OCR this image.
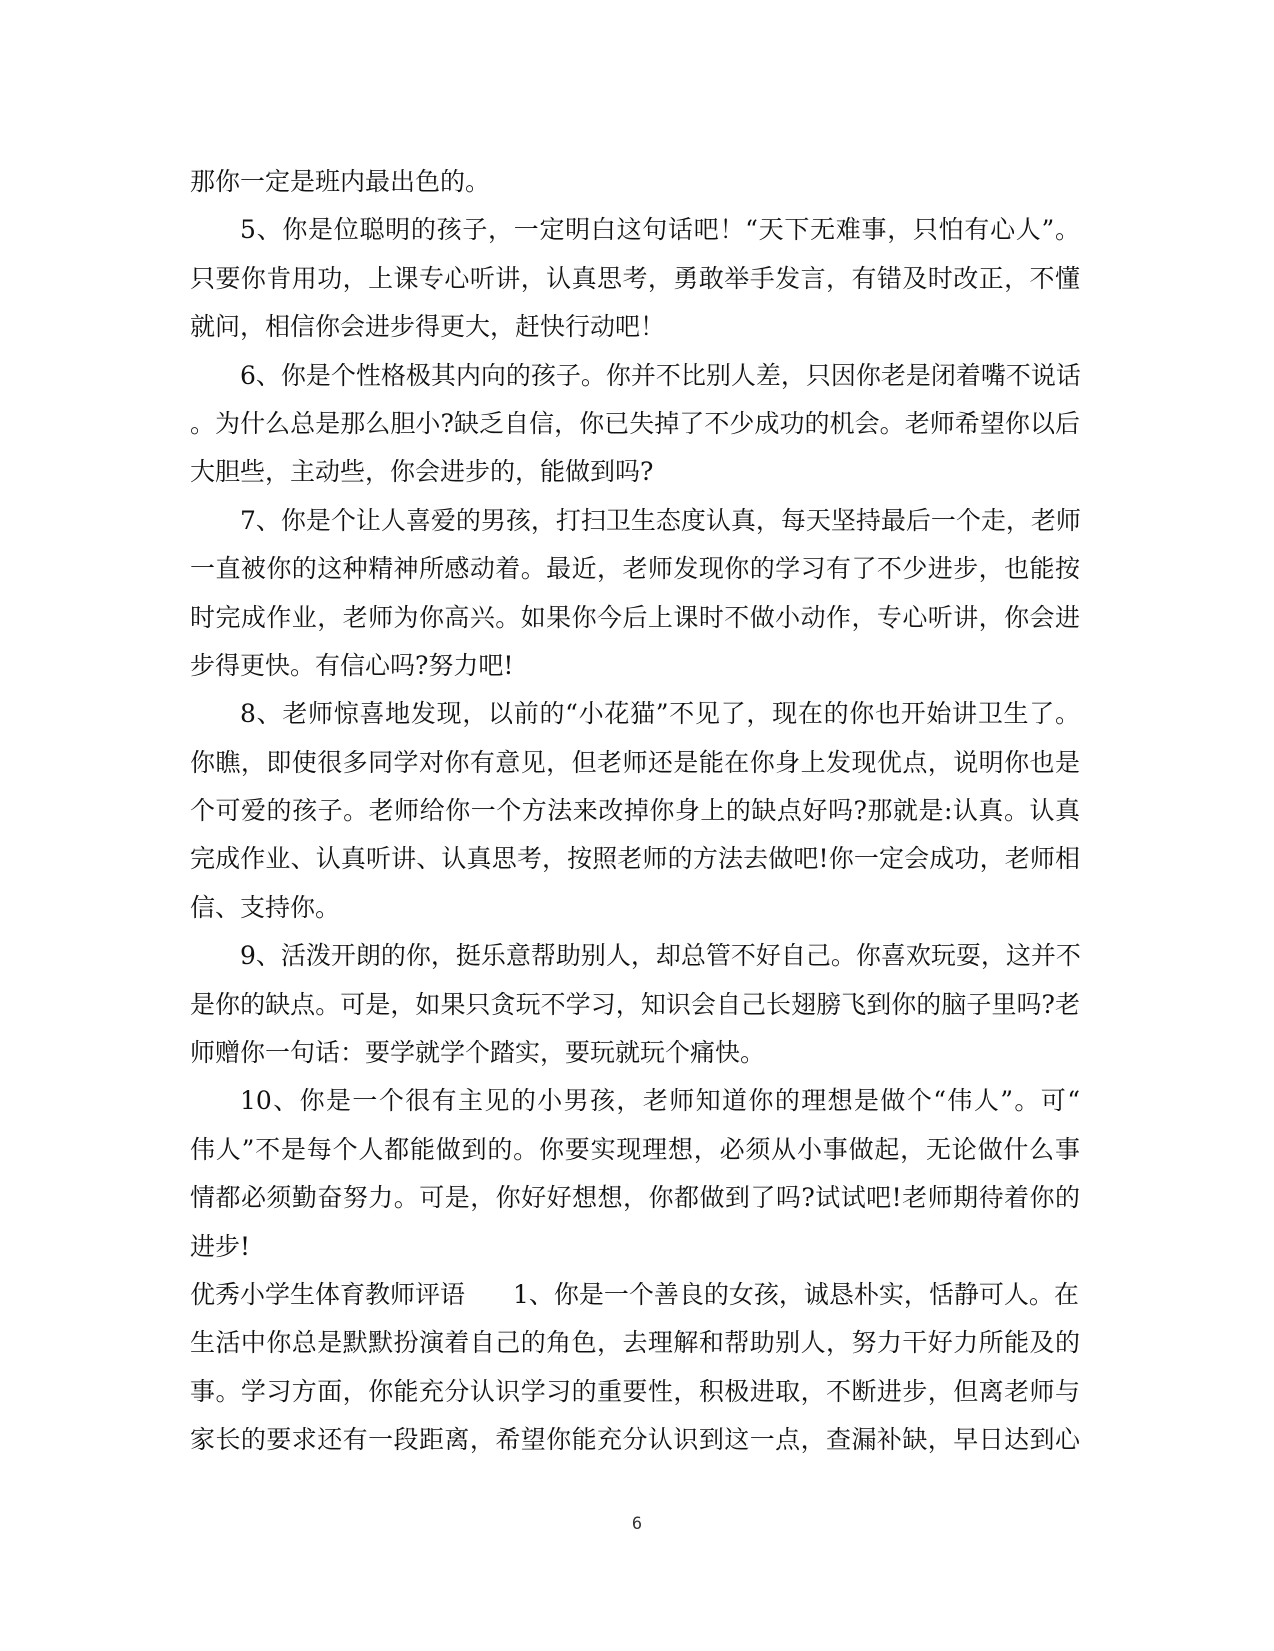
那你一定是班内最出色的。
5、你是位聪明的孩子，一定明白这句话吧！“天下无难事，只怕有心人”。
只要你肯用功，上课专心听讲，认真思考，勇敢举手发言，有错及时改正，不懂
就问，相信你会进步得更大，赶快行动吧！
6、你是个性格极其内向的孩子。你并不比别人差，只因你老是闭着嘴不说话
。为什么总是那么胆小?缺乏自信，你已失掉了不少成功的机会。老师希望你以后
大胆些，主动些，你会进步的，能做到吗?
7、你是个让人喜爱的男孩，打扫卫生态度认真，每天坚持最后一个走，老师
一直被你的这种精神所感动着。最近，老师发现你的学习有了不少进步，也能按
时完成作业，老师为你高兴。如果你今后上课时不做小动作，专心听讲，你会进
步得更快。有信心吗?努力吧!
8、老师惊喜地发现，以前的“小花猫”不见了，现在的你也开始讲卫生了。
你瞧，即使很多同学对你有意见，但老师还是能在你身上发现优点，说明你也是
个可爱的孩子。老师给你一个方法来改掉你身上的缺点好吗?那就是:认真。认真
完成作业、认真听讲、认真思考，按照老师的方法去做吧!你一定会成功，老师相
信、支持你。
9、活泼开朗的你，挺乐意帮助别人，却总管不好自己。你喜欢玩耍，这并不
是你的缺点。可是，如果只贪玩不学习，知识会自己长翅膀飞到你的脑子里吗?老
师赠你一句话：要学就学个踏实，要玩就玩个痛快。
10、你是一个很有主见的小男孩，老师知道你的理想是做个“伟人”。可“
伟人”不是每个人都能做到的。你要实现理想，必须从小事做起，无论做什么事
情都必须勤奋努力。可是，你好好想想，你都做到了吗?试试吧!老师期待着你的
进步!
优秀小学生体育教师评语 1、你是一个善良的女孩，诚恳朴实，恬静可人。在
生活中你总是默默扮演着自己的角色，去理解和帮助别人，努力干好力所能及的
事。学习方面，你能充分认识学习的重要性，积极进取，不断进步，但离老师与
家长的要求还有一段距离，希望你能充分认识到这一点，查漏补缺，早日达到心
6
